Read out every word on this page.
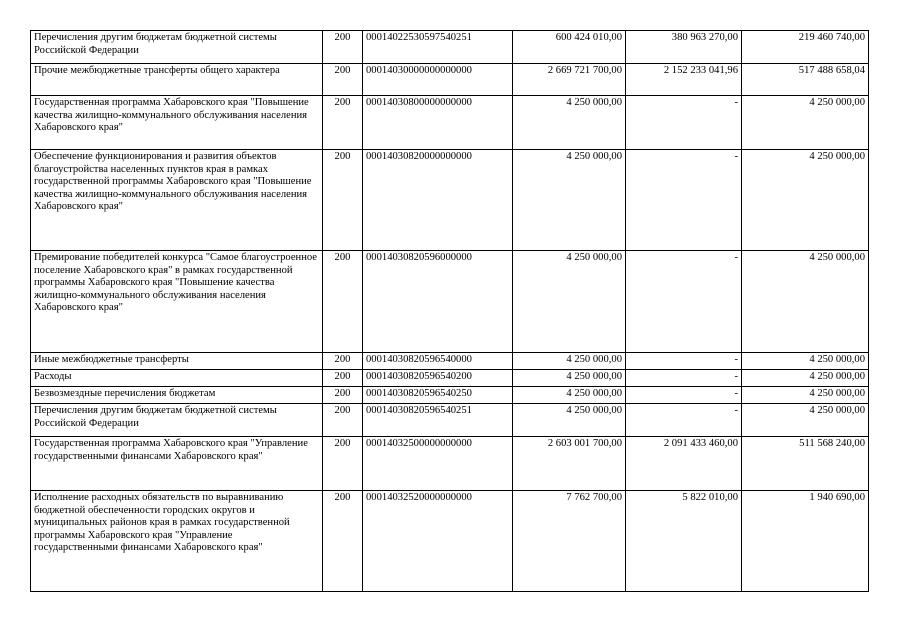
Перечисления другим бюджетам бюджетной системы Российской Федерации	200	00014022530597540251	600 424 010,00	380 963 270,00	219 460 740,00
Прочие межбюджетные трансферты общего характера	200	00014030000000000000	2 669 721 700,00	2 152 233 041,96	517 488 658,04
Государственная программа Хабаровского края "Повышение качества жилищно-коммунального обслуживания населения Хабаровского края"	200	00014030800000000000	4 250 000,00	-	4 250 000,00
Обеспечение функционирования и развития объектов благоустройства населенных пунктов края в рамках государственной программы Хабаровского края "Повышение качества жилищно-коммунального обслуживания населения Хабаровского края"	200	00014030820000000000	4 250 000,00	-	4 250 000,00
Премирование победителей конкурса "Самое благоустроенное поселение Хабаровского края" в рамках государственной программы Хабаровского края "Повышение качества жилищно-коммунального обслуживания населения Хабаровского края"	200	00014030820596000000	4 250 000,00	-	4 250 000,00
Иные межбюджетные трансферты	200	00014030820596540000	4 250 000,00	-	4 250 000,00
Расходы	200	00014030820596540200	4 250 000,00	-	4 250 000,00
Безвозмездные перечисления бюджетам	200	00014030820596540250	4 250 000,00	-	4 250 000,00
Перечисления другим бюджетам бюджетной системы Российской Федерации	200	00014030820596540251	4 250 000,00	-	4 250 000,00
Государственная программа Хабаровского края "Управление государственными финансами Хабаровского края"	200	00014032500000000000	2 603 001 700,00	2 091 433 460,00	511 568 240,00
Исполнение расходных обязательств по выравниванию бюджетной обеспеченности городских округов и муниципальных районов края в рамках государственной программы Хабаровского края "Управление государственными финансами Хабаровского края"	200	00014032520000000000	7 762 700,00	5 822 010,00	1 940 690,00
